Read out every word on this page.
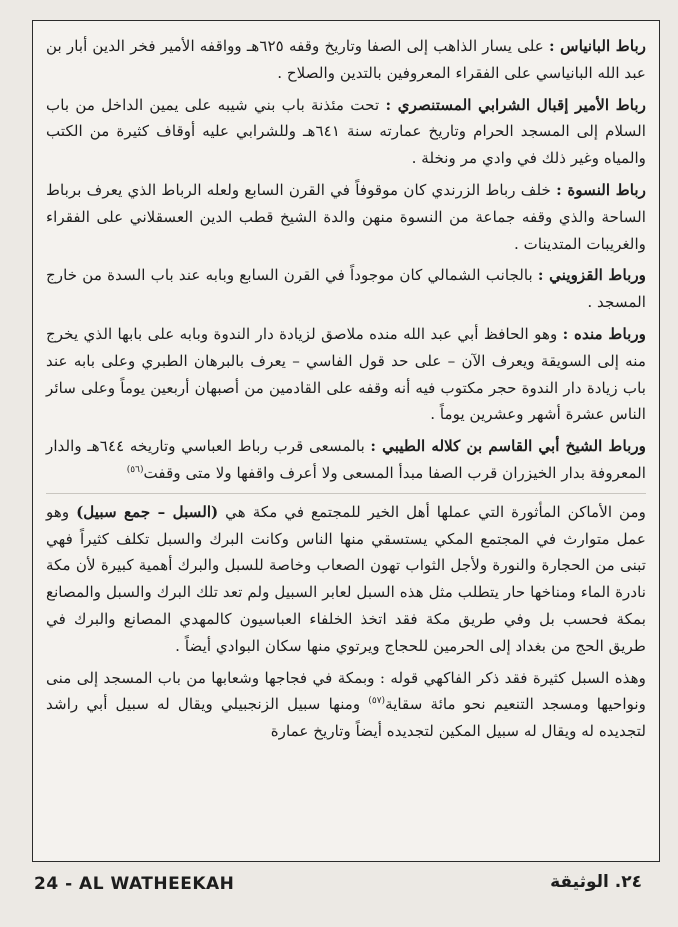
رباط البانياس : على يسار الذاهب إلى الصفا وتاريخ وقفه ٦٢٥هـ وواقفه الأمير فخر الدين أبار بن عبد الله البانياسي على الفقراء المعروفين بالتدين والصلاح .

رباط الأمير إقبال الشرابي المستنصري : تحت مئذنة باب بني شيبه على يمين الداخل من باب السلام إلى المسجد الحرام وتاريخ عمارته سنة ٦٤١هـ وللشرابي عليه أوقاف كثيرة من الكتب والمياه وغير ذلك في وادي مر ونخلة .

رباط النسوة : خلف رباط الزرندي كان موقوفاً في القرن السابع ولعله الرباط الذي يعرف برباط الساحة والذي وقفه جماعة من النسوة منهن والدة الشيخ قطب الدين العسقلاني على الفقراء والغريبات المتدينات .

ورباط القزويني : بالجانب الشمالي كان موجوداً في القرن السابع وبابه عند باب السدة من خارج المسجد .

ورباط منده : وهو الحافظ أبي عبد الله منده ملاصق لزيادة دار الندوة وبابه على بابها الذي يخرج منه إلى السويقة ويعرف الآن – على حد قول الفاسي – يعرف بالبرهان الطبري وعلى بابه عند باب زيادة دار الندوة حجر مكتوب فيه أنه وقفه على القادمين من أصبهان أربعين يوماً وعلى سائر الناس عشرة أشهر وعشرين يوماً .

ورباط الشيخ أبي القاسم بن كلاله الطيبي : بالمسعى قرب رباط العباسي وتاريخه ٦٤٤هـ والدار المعروفة بدار الخيزران قرب الصفا مبدأ المسعى ولا أعرف واقفها ولا متى وقفت$^{(٥٦)}$

ومن الأماكن المأثورة التي عملها أهل الخير للمجتمع في مكة هي (السبل – جمع سبيل) وهو عمل متوارث في المجتمع المكي يستسقي منها الناس وكانت البرك والسبل تكلف كثيراً فهي تبنى من الحجارة والنورة ولأجل الثواب تهون الصعاب وخاصة للسبل والبرك أهمية كبيرة لأن مكة نادرة الماء ومناخها حار يتطلب مثل هذه السبل لعابر السبيل ولم تعد تلك البرك والسبل والمصانع بمكة فحسب بل وفي طريق مكة فقد اتخذ الخلفاء العباسيون كالمهدي المصانع والبرك في طريق الحج من بغداد إلى الحرمين للحجاج ويرتوي منها سكان البوادي أيضاً .

وهذه السبل كثيرة فقد ذكر الفاكهي قوله : وبمكة في فجاجها وشعابها من باب المسجد إلى منى ونواحيها ومسجد التنعيم نحو مائة سقاية$^{(٥٧)}$ ومنها سبيل الزنجبيلي ويقال له سبيل أبي راشد لتجديده له ويقال له سبيل المكين لتجديده أيضاً وتاريخ عمارة

24 - AL WATHEEKAH	٢٤. الوثيقة
